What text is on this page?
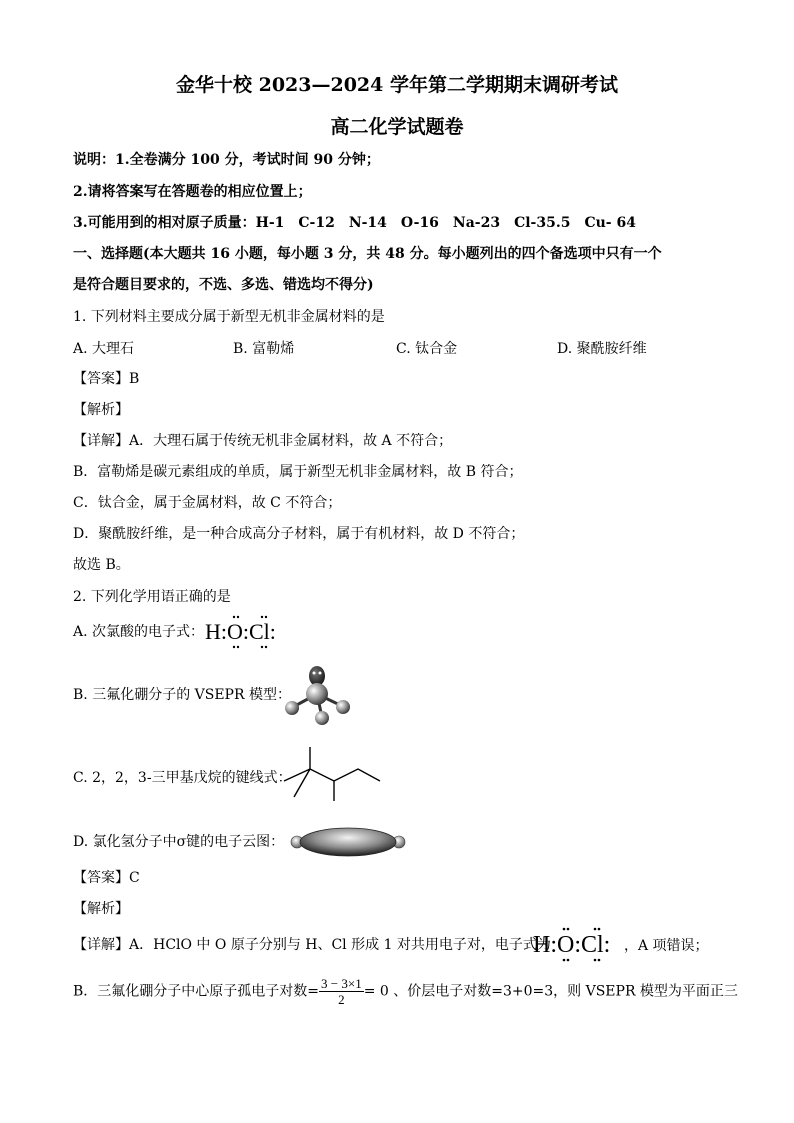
金华十校 2023—2024 学年第二学期期末调研考试
高二化学试题卷
说明：1.全卷满分 100 分，考试时间 90 分钟；
2.请将答案写在答题卷的相应位置上；
3.可能用到的相对原子质量：H-1　C-12　N-14　O-16　Na-23　Cl-35.5　Cu- 64
一、选择题(本大题共 16 小题，每小题 3 分，共 48 分。每小题列出的四个备选项中只有一个
是符合题目要求的，不选、多选、错选均不得分)
1. 下列材料主要成分属于新型无机非金属材料的是
A. 大理石	B. 富勒烯	C. 钛合金	D. 聚酰胺纤维
【答案】B
【解析】
【详解】A．大理石属于传统无机非金属材料，故 A 不符合；
B．富勒烯是碳元素组成的单质，属于新型无机非金属材料，故 B 符合；
C．钛合金，属于金属材料，故 C 不符合；
D．聚酰胺纤维，是一种合成高分子材料，属于有机材料，故 D 不符合；
故选 B。
2. 下列化学用语正确的是
A. 次氯酸的电子式： H:O:Cl:
B. 三氟化硼分子的 VSEPR 模型：
C. 2，2，3-三甲基戊烷的键线式：
D. 氯化氢分子中σ键的电子云图：
【答案】C
【解析】
【详解】A．HClO 中 O 原子分别与 H、Cl 形成 1 对共用电子对，电子式为
H:O:Cl: ，A 项错误；
B．三氟化硼分子中心原子孤电子对数= $\frac{3 - 3\times 1}{2} = 0$ 、价层电子对数=3+0=3，则 VSEPR 模型为平面正三
